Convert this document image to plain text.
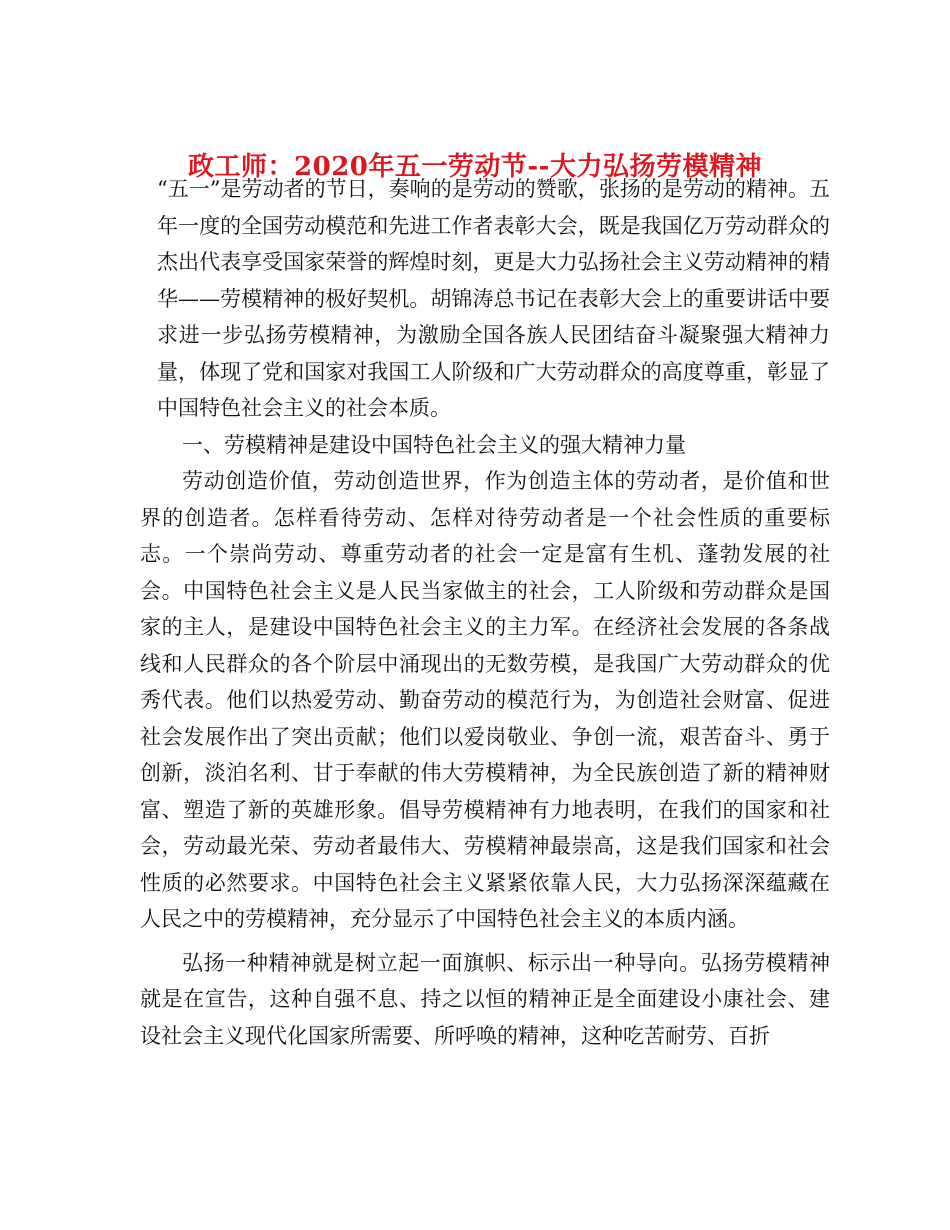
政工师：2020年五一劳动节--大力弘扬劳模精神

“五一”是劳动者的节日，奏响的是劳动的赞歌，张扬的是劳动的精神。五年一度的全国劳动模范和先进工作者表彰大会，既是我国亿万劳动群众的杰出代表享受国家荣誉的辉煌时刻，更是大力弘扬社会主义劳动精神的精华——劳模精神的极好契机。胡锦涛总书记在表彰大会上的重要讲话中要求进一步弘扬劳模精神，为激励全国各族人民团结奋斗凝聚强大精神力量，体现了党和国家对我国工人阶级和广大劳动群众的高度尊重，彰显了中国特色社会主义的社会本质。

一、劳模精神是建设中国特色社会主义的强大精神力量

劳动创造价值，劳动创造世界，作为创造主体的劳动者，是价值和世界的创造者。怎样看待劳动、怎样对待劳动者是一个社会性质的重要标志。一个崇尚劳动、尊重劳动者的社会一定是富有生机、蓬勃发展的社会。中国特色社会主义是人民当家做主的社会，工人阶级和劳动群众是国家的主人，是建设中国特色社会主义的主力军。在经济社会发展的各条战线和人民群众的各个阶层中涌现出的无数劳模，是我国广大劳动群众的优秀代表。他们以热爱劳动、勤奋劳动的模范行为，为创造社会财富、促进社会发展作出了突出贡献；他们以爱岗敬业、争创一流，艰苦奋斗、勇于创新，淡泊名利、甘于奉献的伟大劳模精神，为全民族创造了新的精神财富、塑造了新的英雄形象。倡导劳模精神有力地表明，在我们的国家和社会，劳动最光荣、劳动者最伟大、劳模精神最崇高，这是我们国家和社会性质的必然要求。中国特色社会主义紧紧依靠人民，大力弘扬深深蕴藏在人民之中的劳模精神，充分显示了中国特色社会主义的本质内涵。

弘扬一种精神就是树立起一面旗帜、标示出一种导向。弘扬劳模精神就是在宣告，这种自强不息、持之以恒的精神正是全面建设小康社会、建设社会主义现代化国家所需要、所呼唤的精神，这种吃苦耐劳、百折
